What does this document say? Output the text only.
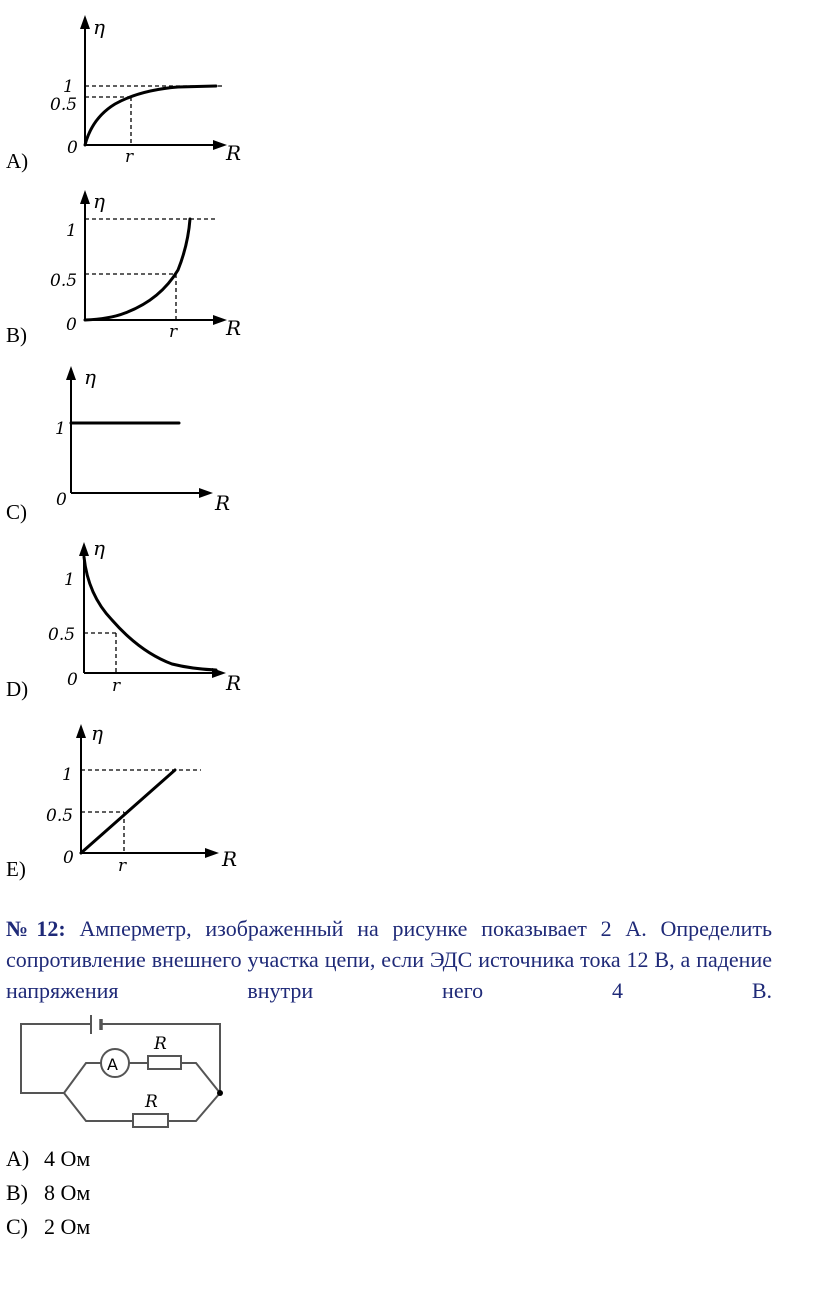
A)
B)
C)
D)
E)
η
R
1
0.5
0	r
η
R
1
0.5
0	r
η
R
1
0
η
R
1
0.5
0 r
η
R
1
0.5
0	r
A
R
R
№12: Амперметр, изображенный на рисунке показывает 2 А. Определить сопротивление внешнего участка цепи, если ЭДС источника тока 12 В, а падение напряжения внутри него 4 В.
A) 4 Ом
B) 8 Ом
C) 2 Ом
